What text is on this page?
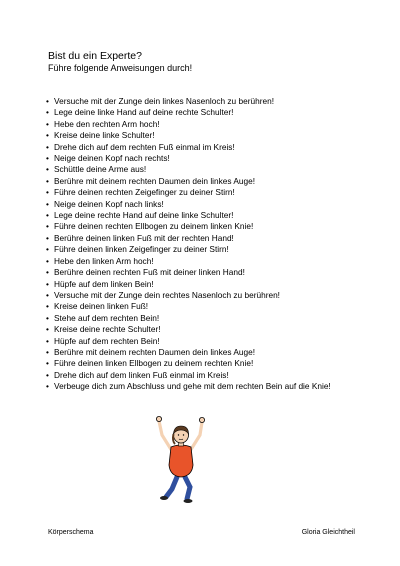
Bist du ein Experte?

Führe folgende Anweisungen durch!

• Versuche mit der Zunge dein linkes Nasenloch zu berühren!
• Lege deine linke Hand auf deine rechte Schulter!
• Hebe den rechten Arm hoch!
• Kreise deine linke Schulter!
• Drehe dich auf dem rechten Fuß einmal im Kreis!
• Neige deinen Kopf nach rechts!
• Schüttle deine Arme aus!
• Berühre mit deinem rechten Daumen dein linkes Auge!
• Führe deinen rechten Zeigefinger zu deiner Stirn!
• Neige deinen Kopf nach links!
• Lege deine rechte Hand auf deine linke Schulter!
• Führe deinen rechten Ellbogen zu deinem linken Knie!
• Berühre deinen linken Fuß mit der rechten Hand!
• Führe deinen linken Zeigefinger zu deiner Stirn!
• Hebe den linken Arm hoch!
• Berühre deinen rechten Fuß mit deiner linken Hand!
• Hüpfe auf dem linken Bein!
• Versuche mit der Zunge dein rechtes Nasenloch zu berühren!
• Kreise deinen linken Fuß!
• Stehe auf dem rechten Bein!
• Kreise deine rechte Schulter!
• Hüpfe auf dem rechten Bein!
• Berühre mit deinem rechten Daumen dein linkes Auge!
• Führe deinen linken Ellbogen zu deinem rechten Knie!
• Drehe dich auf dem linken Fuß einmal im Kreis!
• Verbeuge dich zum Abschluss und gehe mit dem rechten Bein auf die Knie!
Körperschema	Gloria Gleichtheil
